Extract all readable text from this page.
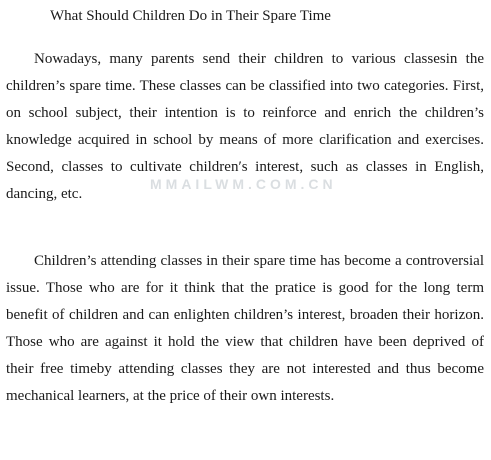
What Should Children Do in Their Spare Time

Nowadays, many parents send their children to various classesin the children’s spare time. These classes can be classified into two categories. First, on school subject, their intention is to reinforce and enrich the children’s knowledge acquired in school by means of more clarification and exercises. Second, classes to cultivate children′s interest, such as classes in English, dancing, etc.

MMAILWM.COM.CN

Children’s attending classes in their spare time has become a controversial issue. Those who are for it think that the pratice is good for the long term benefit of children and can enlighten children’s interest, broaden their horizon. Those who are against it hold the view that children have been deprived of their free timeby attending classes they are not interested and thus become mechanical learners, at the price of their own interests.
